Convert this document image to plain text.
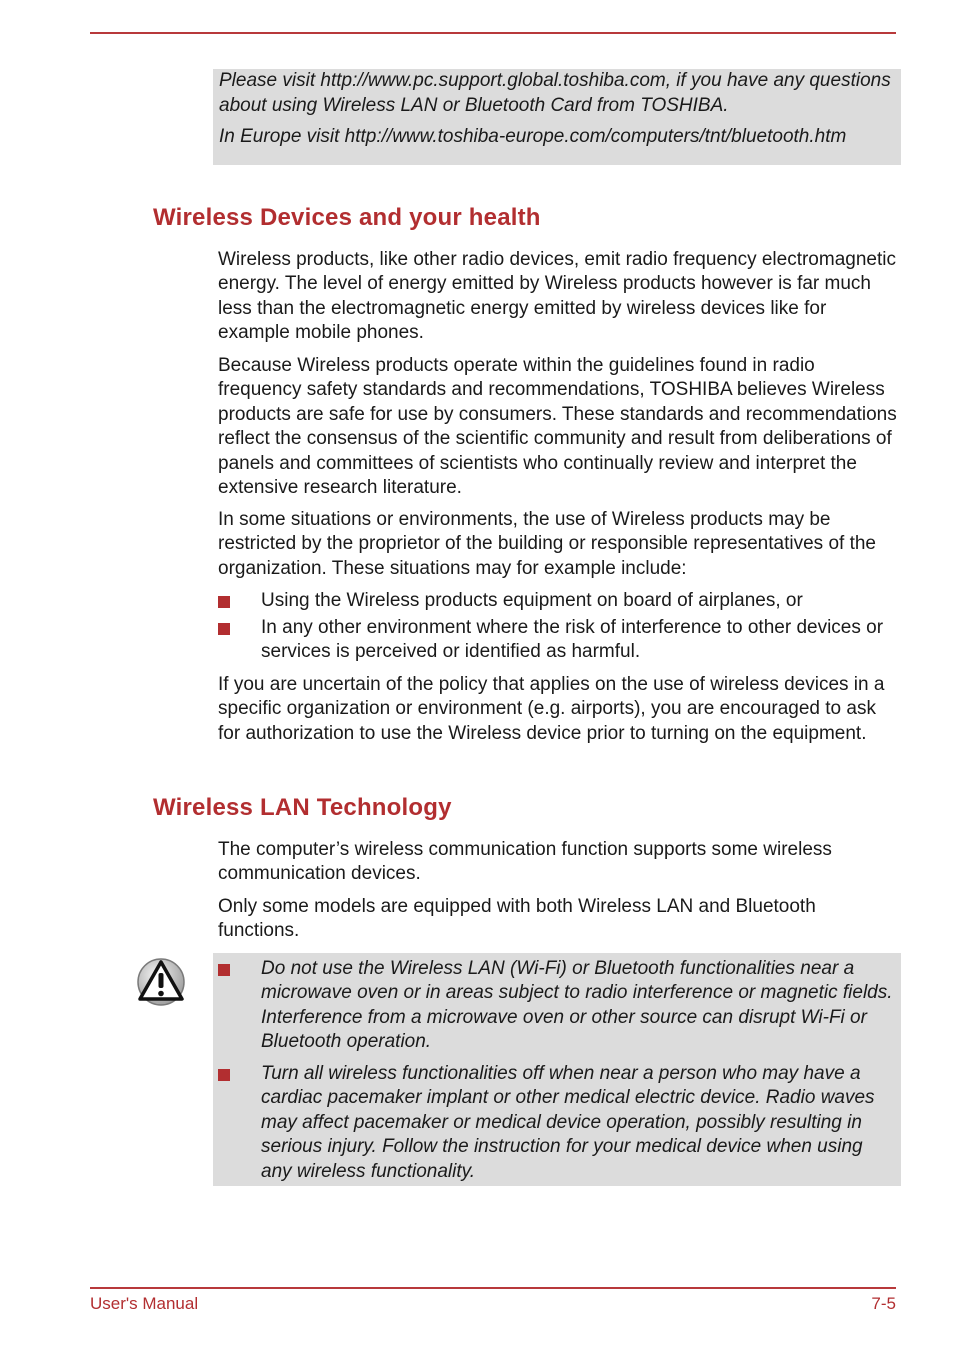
Please visit http://www.pc.support.global.toshiba.com, if you have any questions about using Wireless LAN or Bluetooth Card from TOSHIBA.

In Europe visit http://www.toshiba-europe.com/computers/tnt/bluetooth.htm

Wireless Devices and your health

Wireless products, like other radio devices, emit radio frequency electromagnetic energy. The level of energy emitted by Wireless products however is far much less than the electromagnetic energy emitted by wireless devices like for example mobile phones.

Because Wireless products operate within the guidelines found in radio frequency safety standards and recommendations, TOSHIBA believes Wireless products are safe for use by consumers. These standards and recommendations reflect the consensus of the scientific community and result from deliberations of panels and committees of scientists who continually review and interpret the extensive research literature.

In some situations or environments, the use of Wireless products may be restricted by the proprietor of the building or responsible representatives of the organization. These situations may for example include:

Using the Wireless products equipment on board of airplanes, or
In any other environment where the risk of interference to other devices or services is perceived or identified as harmful.

If you are uncertain of the policy that applies on the use of wireless devices in a specific organization or environment (e.g. airports), you are encouraged to ask for authorization to use the Wireless device prior to turning on the equipment.

Wireless LAN Technology

The computer’s wireless communication function supports some wireless communication devices.

Only some models are equipped with both Wireless LAN and Bluetooth functions.

Do not use the Wireless LAN (Wi-Fi) or Bluetooth functionalities near a microwave oven or in areas subject to radio interference or magnetic fields. Interference from a microwave oven or other source can disrupt Wi-Fi or Bluetooth operation.
Turn all wireless functionalities off when near a person who may have a cardiac pacemaker implant or other medical electric device. Radio waves may affect pacemaker or medical device operation, possibly resulting in serious injury. Follow the instruction for your medical device when using any wireless functionality.
User's Manual	7-5
